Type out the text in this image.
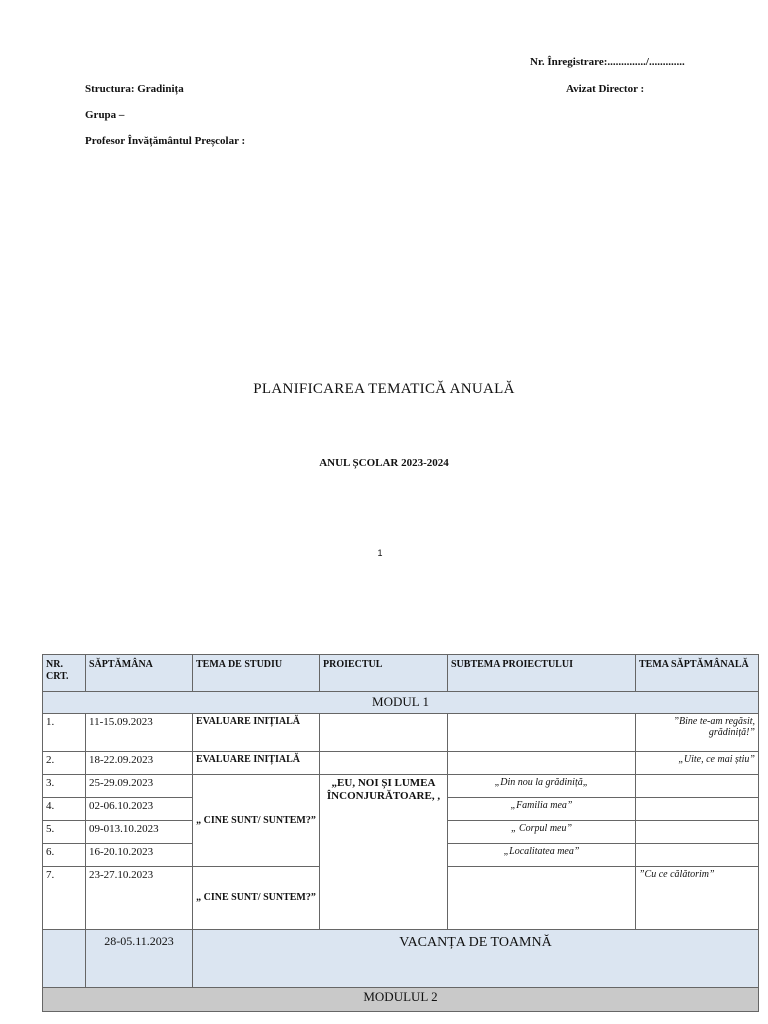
Nr. Înregistrare:............../.............
Structura: Gradinița	Avizat Director :
Grupa –
Profesor Învățământul Preșcolar :
PLANIFICAREA TEMATICĂ ANUALĂ
ANUL ȘCOLAR 2023-2024
1
NR. CRT.	SĂPTĂMÂNA	TEMA DE STUDIU	PROIECTUL	SUBTEMA PROIECTULUI	TEMA SĂPTĂMÂNALĂ
MODUL 1					
1.	11-15.09.2023	EVALUARE INIȚIALĂ			”Bine te-am regăsit, grădiniță!”
2.	18-22.09.2023	EVALUARE INIȚIALĂ			„Uite, ce mai știu”
3.	25-29.09.2023	„ CINE SUNT/ SUNTEM?”	„EU, NOI ȘI LUMEA ÎNCONJURĂTOARE, ,	„Din nou la grădiniță„	
4.	02-06.10.2023			„Familia mea”	
5.	09-013.10.2023			„ Corpul meu”	
6.	16-20.10.2023			„Localitatea mea”	
7.	23-27.10.2023	„ CINE SUNT/ SUNTEM?”			”Cu ce călătorim”
	28-05.11.2023	VACANȚA DE TOAMNĂ			
MODULUL 2					
